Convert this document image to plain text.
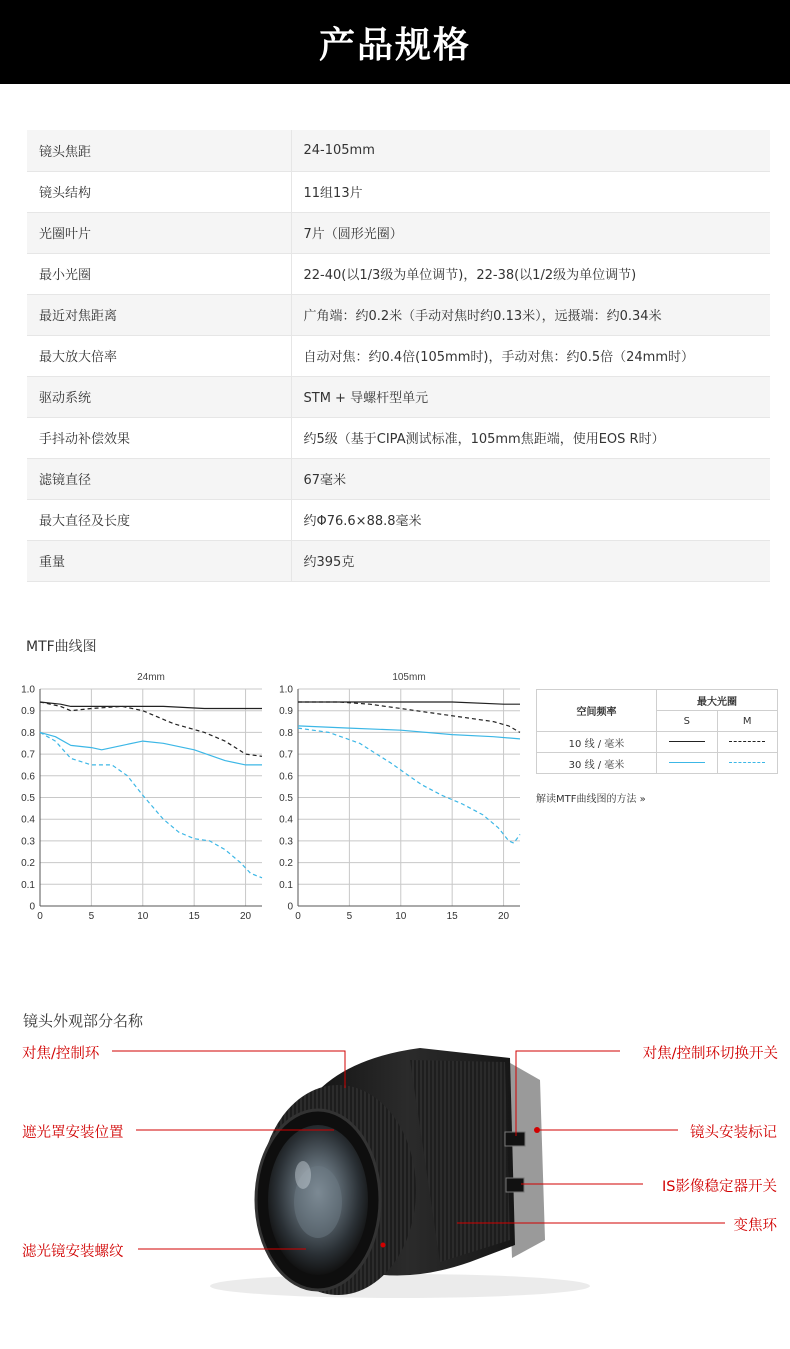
产品规格
镜头焦距	24-105mm
镜头结构	11组13片
光圈叶片	7片（圆形光圈）
最小光圈	22-40(以1/3级为单位调节)，22-38(以1/2级为单位调节)
最近对焦距离	广角端：约0.2米（手动对焦时约0.13米），远摄端：约0.34米
最大放大倍率	自动对焦：约0.4倍(105mm时)，手动对焦：约0.5倍（24mm时）
驱动系统	STM + 导螺杆型单元
手抖动补偿效果	约5级（基于CIPA测试标准，105mm焦距端，使用EOS R时）
滤镜直径	67毫米
最大直径及长度	约Φ76.6×88.8毫米
重量	约395克
MTF曲线图
24mm
0	5	10	15	20
0
0.1
0.2
0.3
0.4
0.5
0.6
0.7
0.8
0.9
1.0
105mm
0	5	10	15	20
0
0.1
0.2
0.3
0.4
0.5
0.6
0.7
0.8
0.9
1.0
空间频率	最大光圈	
	S	M
10 线 / 毫米		
30 线 / 毫米		
解读MTF曲线图的方法 »
镜头外观部分名称
对焦/控制环
遮光罩安装位置
滤光镜安装螺纹
对焦/控制环切换开关
镜头安装标记
IS影像稳定器开关
变焦环
